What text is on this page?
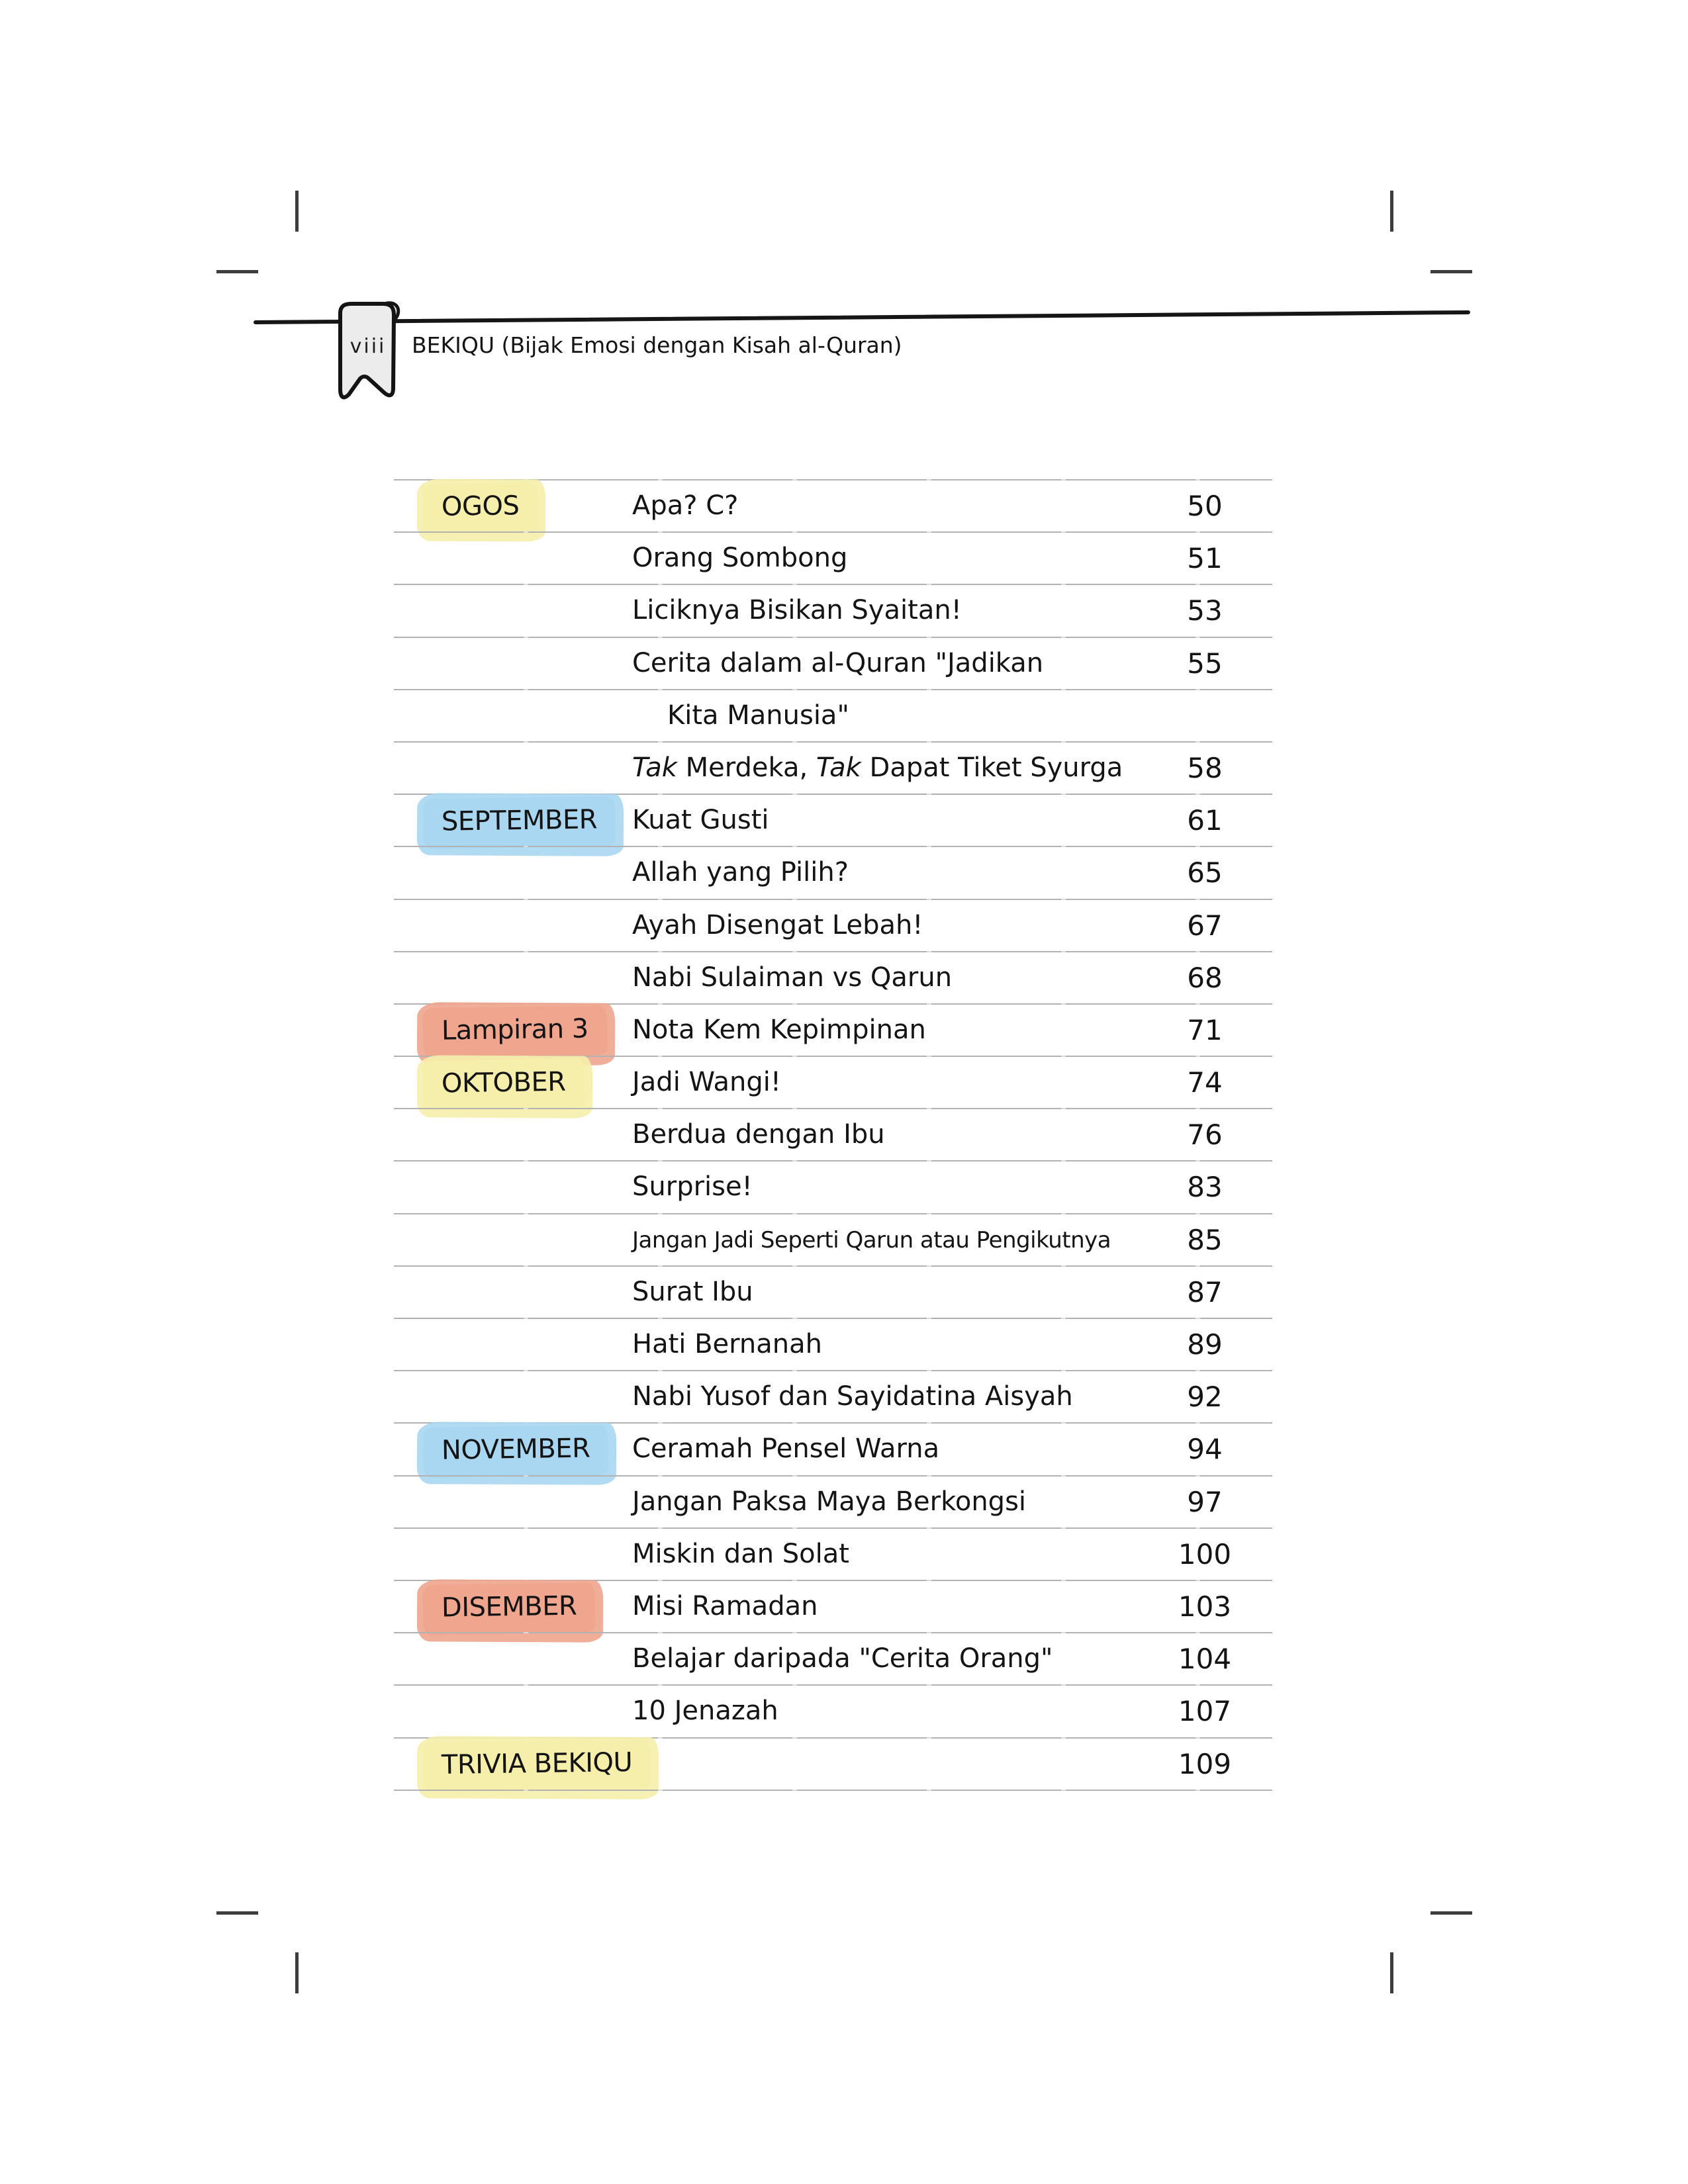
viii	BEKIQU (Bijak Emosi dengan Kisah al-Quran)
OGOS	Apa? C?	50
Orang Sombong	51
Liciknya Bisikan Syaitan!	53
Cerita dalam al-Quran "Jadikan	55
Kita Manusia"
Tak Merdeka, Tak Dapat Tiket Syurga	58
SEPTEMBER	Kuat Gusti	61
Allah yang Pilih?	65
Ayah Disengat Lebah!	67
Nabi Sulaiman vs Qarun	68
Lampiran 3	Nota Kem Kepimpinan	71
OKTOBER	Jadi Wangi!	74
Berdua dengan Ibu	76
Surprise!	83
Jangan Jadi Seperti Qarun atau Pengikutnya	85
Surat Ibu	87
Hati Bernanah	89
Nabi Yusof dan Sayidatina Aisyah	92
NOVEMBER	Ceramah Pensel Warna	94
Jangan Paksa Maya Berkongsi	97
Miskin dan Solat	100
DISEMBER	Misi Ramadan	103
Belajar daripada "Cerita Orang"	104
10 Jenazah	107
TRIVIA BEKIQU	109
